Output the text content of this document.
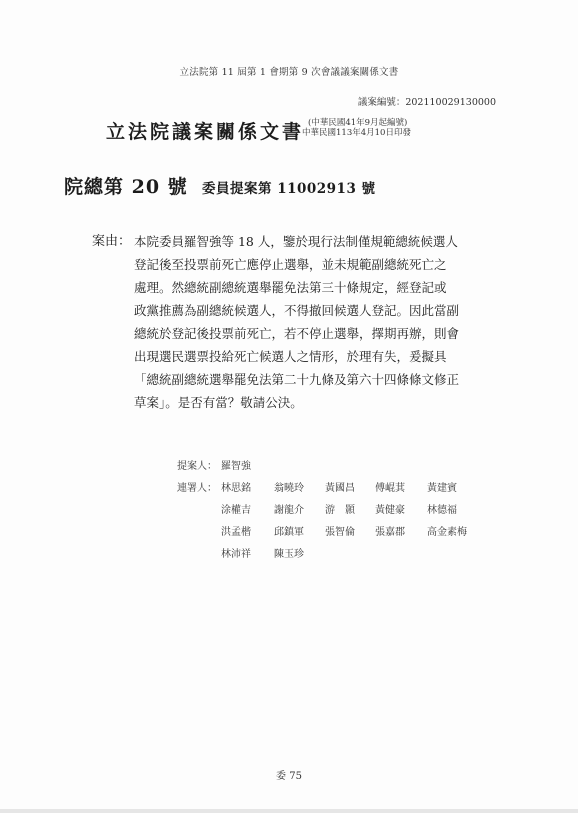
立法院第 11 屆第 1 會期第 9 次會議議案關係文書
議案編號：202110029130000
立法院議案關係文書 (中華民國41年9月起編號)
中華民國113年4月10日印發
院總第 20 號 委員提案第 11002913 號
案由： 本院委員羅智強等 18 人，鑒於現行法制僅規範總統候選人
登記後至投票前死亡應停止選舉，並未規範副總統死亡之
處理。然總統副總統選舉罷免法第三十條規定，經登記或
政黨推薦為副總統候選人，不得撤回候選人登記。因此當副
總統於登記後投票前死亡，若不停止選舉，擇期再辦，則會
出現選民選票投給死亡候選人之情形，於理有失，爰擬具
「總統副總統選舉罷免法第二十九條及第六十四條條文修正
草案」。是否有當？敬請公決。
提案人： 羅智強
連署人： 林思銘 翁曉玲 黃國昌 傅崐萁 黃建賓
涂權吉 謝龍介 游　顥 黃健豪 林德福
洪孟楷 邱鎮軍 張智倫 張嘉郡 高金素梅
林沛祥 陳玉珍
委 75
